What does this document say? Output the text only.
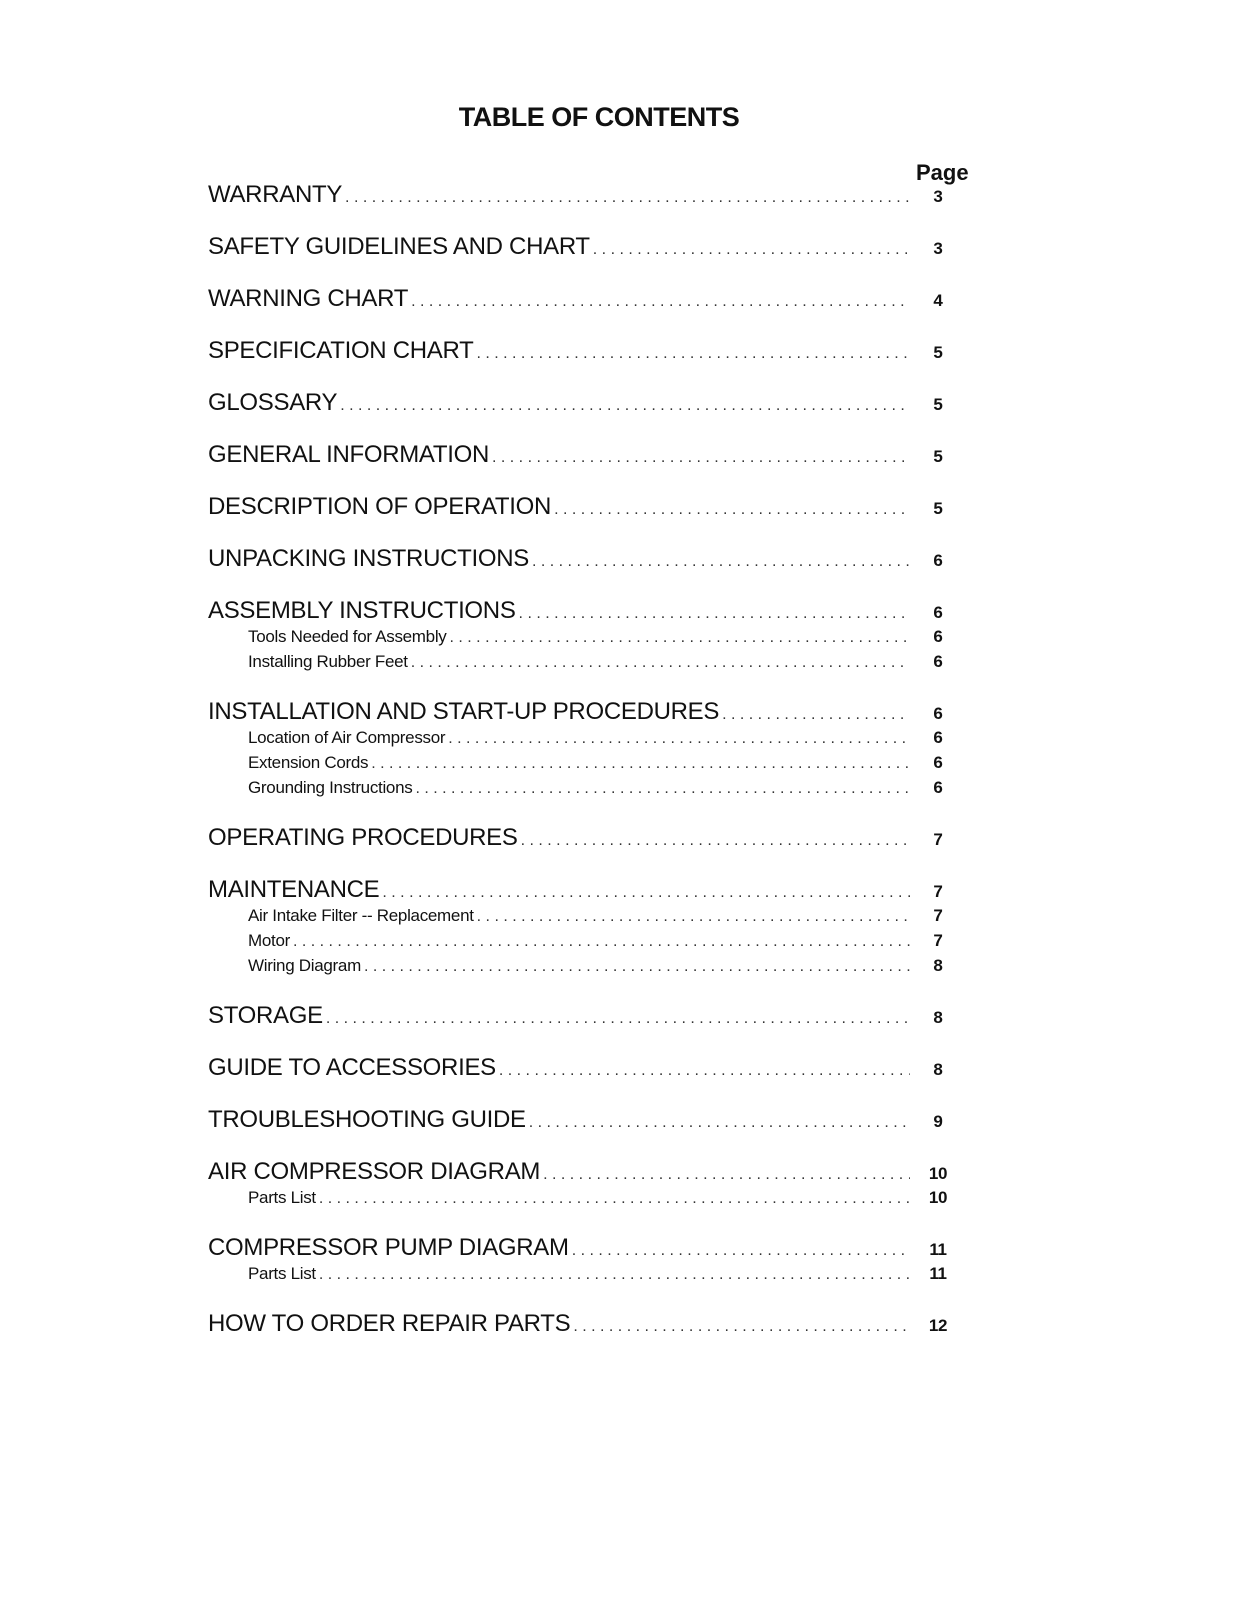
TABLE OF CONTENTS
Page
WARRANTY . . .	3
SAFETY GUIDELINES AND CHART . . .	3
WARNING CHART . . .	4
SPECIFICATION CHART . . .	5
GLOSSARY . . .	5
GENERAL INFORMATION . . .	5
DESCRIPTION OF OPERATION . . .	5
UNPACKING INSTRUCTIONS . . .	6
ASSEMBLY INSTRUCTIONS . . .	6
Tools Needed for Assembly . . .	6
Installing Rubber Feet . . .	6
INSTALLATION AND START-UP PROCEDURES . . .	6
Location of Air Compressor . . .	6
Extension Cords . . .	6
Grounding Instructions . . .	6
OPERATING PROCEDURES . . .	7
MAINTENANCE . . .	7
Air Intake Filter -- Replacement . . .	7
Motor . . .	7
Wiring Diagram . . .	8
STORAGE . . .	8
GUIDE TO ACCESSORIES . . .	8
TROUBLESHOOTING GUIDE . . .	9
AIR COMPRESSOR DIAGRAM . . .	10
Parts List . . .	10
COMPRESSOR PUMP DIAGRAM . . .	11
Parts List . . .	11
HOW TO ORDER REPAIR PARTS . . .	12
